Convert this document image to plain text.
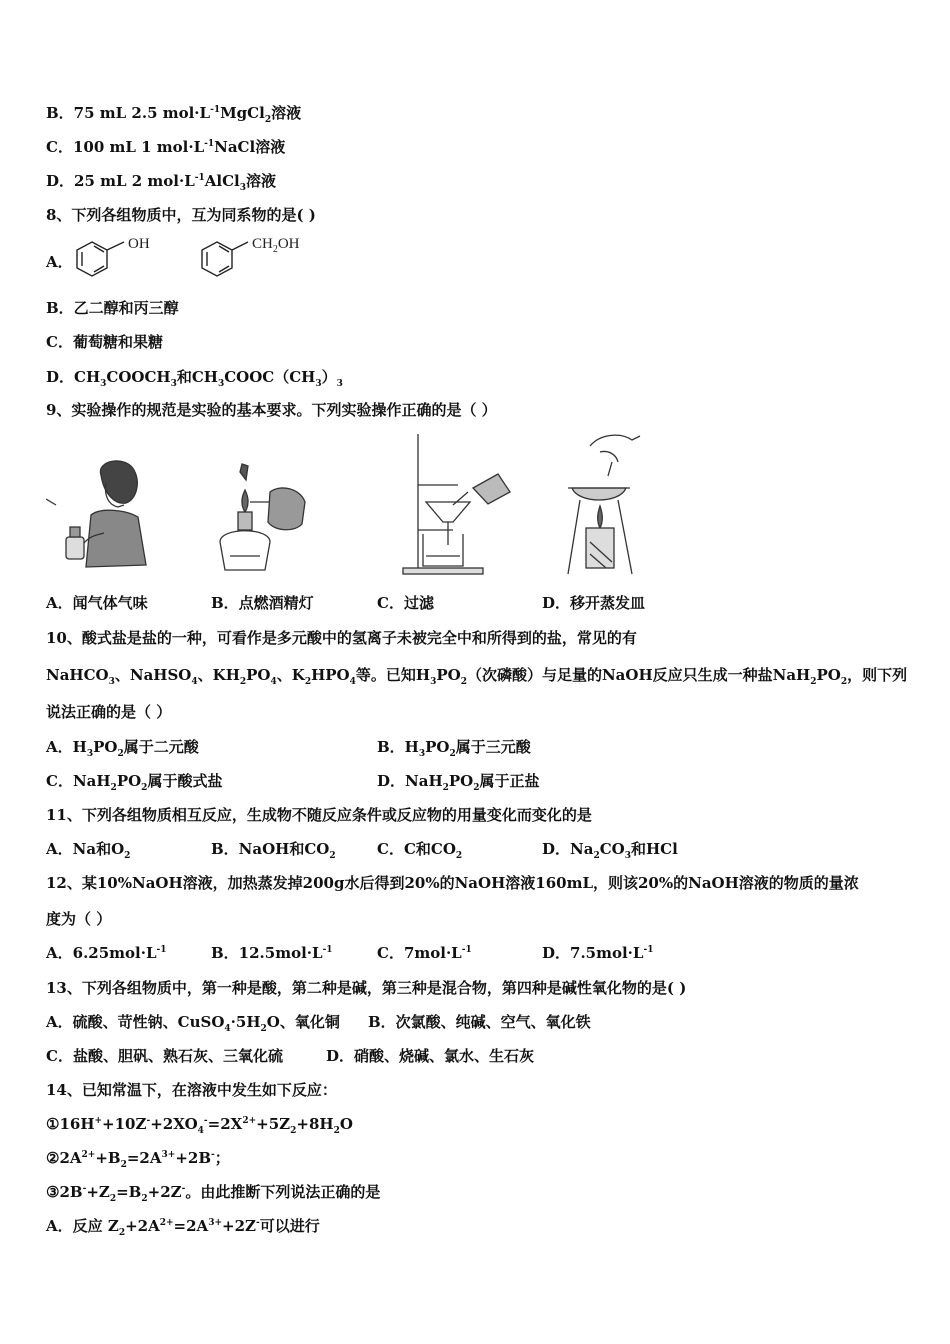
B．75 mL 2.5 $mol\cdot L^{-1}MgCl_2$溶液
C．100 mL 1 $mol\cdot L^{-1}NaCl$溶液
D．25 mL 2 $mol\cdot L^{-1}AlCl_3$溶液
8、下列各组物质中，互为同系物的是( )
A．
OH	$CH_2OH$
B．乙二醇和丙三醇
C．葡萄糖和果糖
D．$CH_3COOCH_3$和$CH_3COOC(CH_3)_3$
9、实验操作的规范是实验的基本要求。下列实验操作正确的是（ ）
A．闻气体气味	B．点燃酒精灯	C．过滤	D．移开蒸发皿
10、酸式盐是盐的一种，可看作是多元酸中的氢离子未被完全中和所得到的盐，常见的有
NaHCO$_3$、NaHSO$_4$、$KH_2PO_4$、$K_2HPO_4$等。已知$H_3PO_2$（次磷酸）与足量的NaOH反应只生成一种盐$NaH_2PO_2$，则下列
说法正确的是（ ）
A．$H_3PO_2$属于二元酸	B．$H_3PO_2$属于三元酸
C．$NaH_2PO_2$属于酸式盐	D．$NaH_2PO_2$属于正盐
11、下列各组物质相互反应，生成物不随反应条件或反应物的用量变化而变化的是
A．Na和$O_2$	B．NaOH和$CO_2$	C．C和$CO_2$	D．$Na_2CO_3$和HCl
12、某10%NaOH溶液，加热蒸发掉200g水后得到20%的NaOH溶液160mL，则该20%的NaOH溶液的物质的量浓
度为（ ）
A．$6.25mol\cdot L^{-1}$	B．$12.5mol\cdot L^{-1}$	C．$7mol\cdot L^{-1}$	D．$7.5mol\cdot L^{-1}$
13、下列各组物质中，第一种是酸，第二种是碱，第三种是混合物，第四种是碱性氧化物的是( )
A．硫酸、苛性钠、$CuSO_4\cdot 5H_2O$、氧化铜 B．次氯酸、纯碱、空气、氧化铁
C．盐酸、胆矾、熟石灰、三氧化硫	D．硝酸、烧碱、氯水、生石灰
14、已知常温下，在溶液中发生如下反应：
$①16H^++10Z^-+2XO_4^-=2X^{2+}+5Z_2+8H_2O$
$②2A^{2+}+B_2=2A^{3+}+2B^-$；
$③2B^-+Z_2=B_2+2Z^-$。由此推断下列说法正确的是
A．反应 $Z_2+2A^{2+}=2A^{3+}+2Z^-$可以进行
